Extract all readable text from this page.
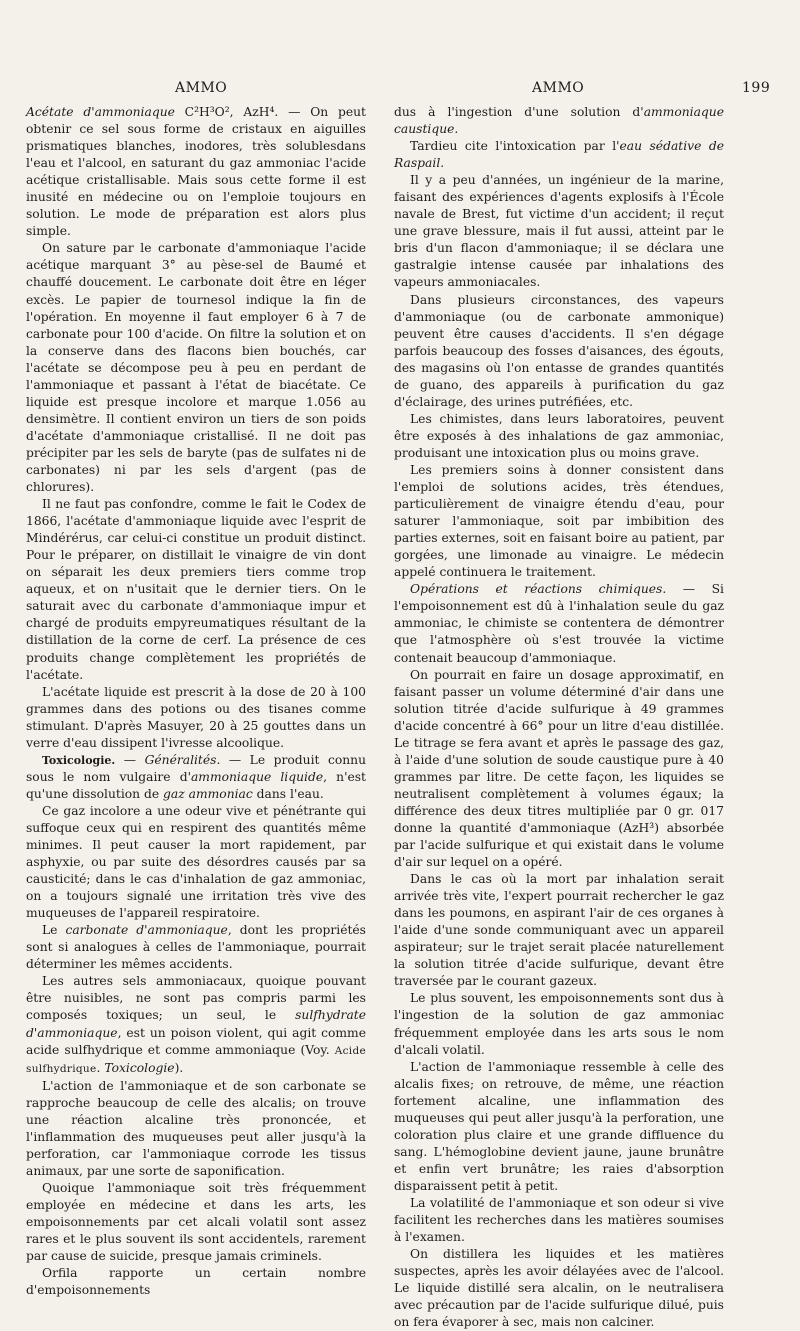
AMMO	AMMO	199

Acétate d'ammoniaque C²H³O², AzH⁴. — On peut obtenir ce sel sous forme de cristaux en aiguilles prismatiques blanches, inodores, très solublesdans l'eau et l'alcool, en saturant du gaz ammoniac l'acide acétique cristallisable. Mais sous cette forme il est inusité en médecine ou on l'emploie toujours en solution. Le mode de préparation est alors plus simple.

On sature par le carbonate d'ammoniaque l'acide acétique marquant 3° au pèse-sel de Baumé et chauffé doucement. Le carbonate doit être en léger excès. Le papier de tournesol indique la fin de l'opération. En moyenne il faut employer 6 à 7 de carbonate pour 100 d'acide. On filtre la solution et on la conserve dans des flacons bien bouchés, car l'acétate se décompose peu à peu en perdant de l'ammoniaque et passant à l'état de biacétate. Ce liquide est presque incolore et marque 1.056 au densimètre. Il contient environ un tiers de son poids d'acétate d'ammoniaque cristallisé. Il ne doit pas précipiter par les sels de baryte (pas de sulfates ni de carbonates) ni par les sels d'argent (pas de chlorures).

Il ne faut pas confondre, comme le fait le Codex de 1866, l'acétate d'ammoniaque liquide avec l'esprit de Mindérérus, car celui-ci constitue un produit distinct. Pour le préparer, on distillait le vinaigre de vin dont on séparait les deux premiers tiers comme trop aqueux, et on n'usitait que le dernier tiers. On le saturait avec du carbonate d'ammoniaque impur et chargé de produits empyreumatiques résultant de la distillation de la corne de cerf. La présence de ces produits change complètement les propriétés de l'acétate.

L'acétate liquide est prescrit à la dose de 20 à 100 grammes dans des potions ou des tisanes comme stimulant. D'après Masuyer, 20 à 25 gouttes dans un verre d'eau dissipent l'ivresse alcoolique.

Toxicologie. — Généralités. — Le produit connu sous le nom vulgaire d'ammoniaque liquide, n'est qu'une dissolution de gaz ammoniac dans l'eau.

Ce gaz incolore a une odeur vive et pénétrante qui suffoque ceux qui en respirent des quantités même minimes. Il peut causer la mort rapidement, par asphyxie, ou par suite des désordres causés par sa causticité; dans le cas d'inhalation de gaz ammoniac, on a toujours signalé une irritation très vive des muqueuses de l'appareil respiratoire.

Le carbonate d'ammoniaque, dont les propriétés sont si analogues à celles de l'ammoniaque, pourrait déterminer les mêmes accidents.

Les autres sels ammoniacaux, quoique pouvant être nuisibles, ne sont pas compris parmi les composés toxiques; un seul, le sulfhydrate d'ammoniaque, est un poison violent, qui agit comme acide sulfhydrique et comme ammoniaque (Voy. Acide sulfhydrique. Toxicologie).

L'action de l'ammoniaque et de son carbonate se rapproche beaucoup de celle des alcalis; on trouve une réaction alcaline très prononcée, et l'inflammation des muqueuses peut aller jusqu'à la perforation, car l'ammoniaque corrode les tissus animaux, par une sorte de saponification.

Quoique l'ammoniaque soit très fréquemment employée en médecine et dans les arts, les empoisonnements par cet alcali volatil sont assez rares et le plus souvent ils sont accidentels, rarement par cause de suicide, presque jamais criminels.

Orfila rapporte un certain nombre d'empoisonnements

dus à l'ingestion d'une solution d'ammoniaque caustique.

Tardieu cite l'intoxication par l'eau sédative de Raspail.

Il y a peu d'années, un ingénieur de la marine, faisant des expériences d'agents explosifs à l'École navale de Brest, fut victime d'un accident; il reçut une grave blessure, mais il fut aussi, atteint par le bris d'un flacon d'ammoniaque; il se déclara une gastralgie intense causée par inhalations des vapeurs ammoniacales.

Dans plusieurs circonstances, des vapeurs d'ammoniaque (ou de carbonate ammonique) peuvent être causes d'accidents. Il s'en dégage parfois beaucoup des fosses d'aisances, des égouts, des magasins où l'on entasse de grandes quantités de guano, des appareils à purification du gaz d'éclairage, des urines putréfiées, etc.

Les chimistes, dans leurs laboratoires, peuvent être exposés à des inhalations de gaz ammoniac, produisant une intoxication plus ou moins grave.

Les premiers soins à donner consistent dans l'emploi de solutions acides, très étendues, particulièrement de vinaigre étendu d'eau, pour saturer l'ammoniaque, soit par imbibition des parties externes, soit en faisant boire au patient, par gorgées, une limonade au vinaigre. Le médecin appelé continuera le traitement.

Opérations et réactions chimiques. — Si l'empoisonnement est dû à l'inhalation seule du gaz ammoniac, le chimiste se contentera de démontrer que l'atmosphère où s'est trouvée la victime contenait beaucoup d'ammoniaque.

On pourrait en faire un dosage approximatif, en faisant passer un volume déterminé d'air dans une solution titrée d'acide sulfurique à 49 grammes d'acide concentré à 66° pour un litre d'eau distillée. Le titrage se fera avant et après le passage des gaz, à l'aide d'une solution de soude caustique pure à 40 grammes par litre. De cette façon, les liquides se neutralisent complètement à volumes égaux; la différence des deux titres multipliée par 0 gr. 017 donne la quantité d'ammoniaque (AzH³) absorbée par l'acide sulfurique et qui existait dans le volume d'air sur lequel on a opéré.

Dans le cas où la mort par inhalation serait arrivée très vite, l'expert pourrait rechercher le gaz dans les poumons, en aspirant l'air de ces organes à l'aide d'une sonde communiquant avec un appareil aspirateur; sur le trajet serait placée naturellement la solution titrée d'acide sulfurique, devant être traversée par le courant gazeux.

Le plus souvent, les empoisonnements sont dus à l'ingestion de la solution de gaz ammoniac fréquemment employée dans les arts sous le nom d'alcali volatil.

L'action de l'ammoniaque ressemble à celle des alcalis fixes; on retrouve, de même, une réaction fortement alcaline, une inflammation des muqueuses qui peut aller jusqu'à la perforation, une coloration plus claire et une grande diffluence du sang. L'hémoglobine devient jaune, jaune brunâtre et enfin vert brunâtre; les raies d'absorption disparaissent petit à petit.

La volatilité de l'ammoniaque et son odeur si vive facilitent les recherches dans les matières soumises à l'examen.

On distillera les liquides et les matières suspectes, après les avoir délayées avec de l'alcool. Le liquide distillé sera alcalin, on le neutralisera avec précaution par de l'acide sulfurique dilué, puis on fera évaporer à sec, mais non calciner.
